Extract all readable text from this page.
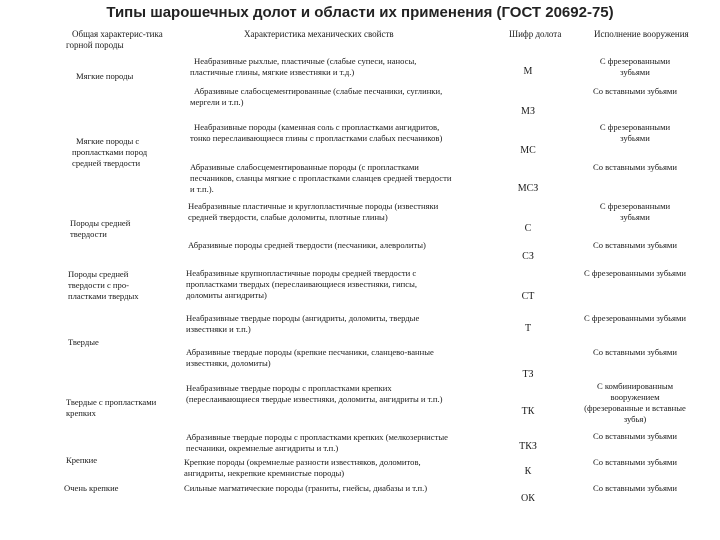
Типы шарошечных долот и области их применения (ГОСТ 20692-75)
Общая характерис-тика
горной породы
Характеристика механических свойств	Шифр долота	Исполнение вооружения
Мягкие породы
Мягкие породы с
пропластками пород
средней твердости
Породы средней
твердости
Породы средней
твердости с про-
пластками твердых
Твердые
Твердые с пропластками
крепких
Крепкие
Очень крепкие
Неабразивные рыхлые, пластичные (слабые супеси, наносы,
пластичные глины, мягкие известняки и т.д.)
Абразивные слабосцементированные (слабые песчаники, суглинки,
мергели и т.п.)
Неабразивные породы (каменная соль с пропластками ангидритов,
тонко переслаивающиеся глины с пропластками слабых песчаников)
Абразивные слабосцементированные породы (с пропластками
песчаников, сланцы мягкие с пропластками сланцев средней твердости
и т.п.).
Неабразивные пластичные и круглопластичные породы (известняки
средней твердости, слабые доломиты, плотные глины)
Абразивные породы средней твердости (песчаники, алевролиты)
Неабразивные крупнопластичные породы средней твердости с
пропластками твердых (переслаивающиеся известняки, гипсы,
доломиты ангидриты)
Неабразивные твердые породы (ангидриты, доломиты, твердые
известняки и т.п.)
Абразивные твердые породы (крепкие песчаники, сланцево-ванные
известняки, доломиты)
Неабразивные твердые породы с пропластками крепких
(переслаивающиеся твердые известняки, доломиты, ангидриты и т.п.)
Абразивные твердые породы с пропластками крепких (мелкозернистые
песчаники, окремнелые ангидриты и т.п.)
Крепкие породы (окремнелые разности известняков, доломитов,
ангидриты, некрепкие кремнистые породы)
Сильные магматические породы (граниты, гнейсы, диабазы и т.п.)
М
МЗ
МС
МСЗ
С
СЗ
СТ
Т
ТЗ
ТК
ТКЗ
К
ОК
С фрезерованными
зубьями
Со вставными зубьями
С фрезерованными
зубьями
Со вставными зубьями
С фрезерованными
зубьями
Со вставными зубьями
С фрезерованными зубьями
С фрезерованными зубьями
Со вставными зубьями
С комбинированным
вооружением
(фрезерованные и вставные
зубья)
Со вставными зубьями
Со вставными зубьями
Со вставными зубьями
